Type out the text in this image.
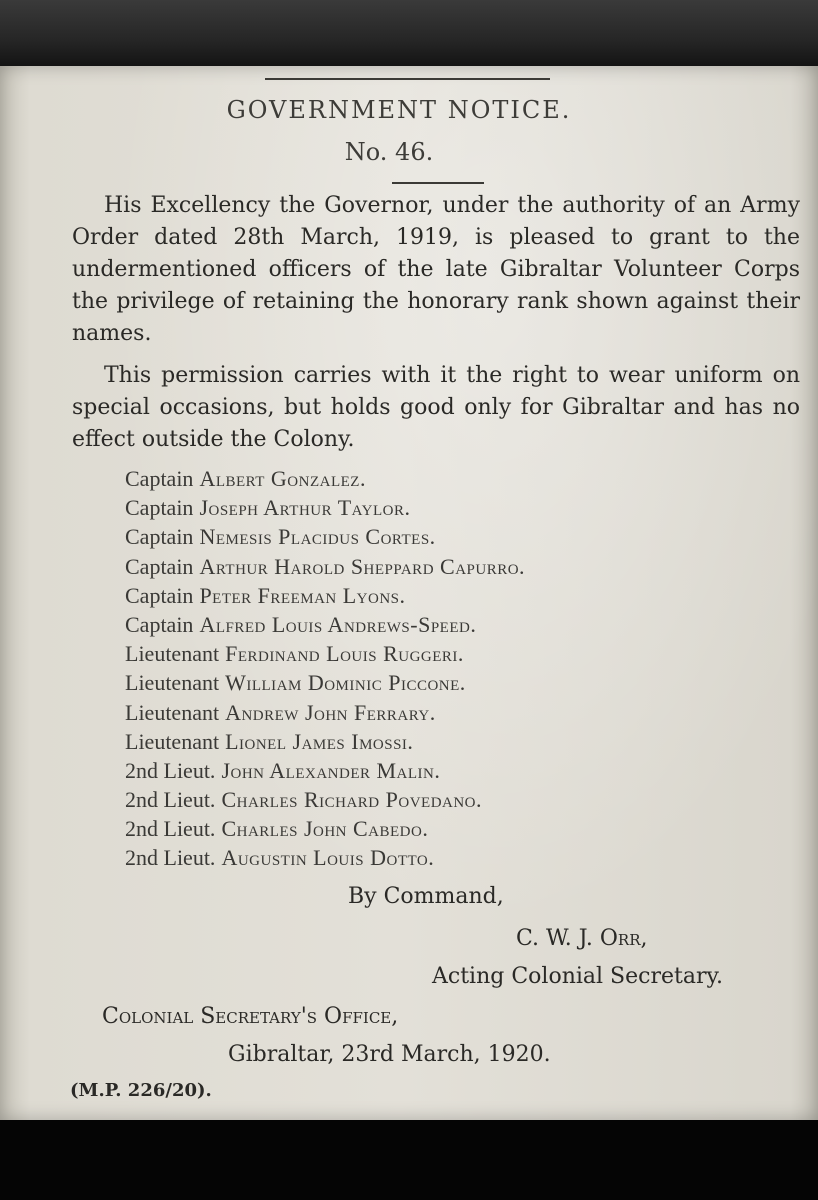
GOVERNMENT NOTICE.
No. 46.

His Excellency the Governor, under the authority of an Army Order dated 28th March, 1919, is pleased to grant to the undermentioned officers of the late Gibraltar Volunteer Corps the privilege of retaining the honorary rank shown against their names.

This permission carries with it the right to wear uniform on special occasions, but holds good only for Gibraltar and has no effect outside the Colony.

Captain Albert Gonzalez.
Captain Joseph Arthur Taylor.
Captain Nemesis Placidus Cortes.
Captain Arthur Harold Sheppard Capurro.
Captain Peter Freeman Lyons.
Captain Alfred Louis Andrews-Speed.
Lieutenant Ferdinand Louis Ruggeri.
Lieutenant William Dominic Piccone.
Lieutenant Andrew John Ferrary.
Lieutenant Lionel James Imossi.
2nd Lieut. John Alexander Malin.
2nd Lieut. Charles Richard Povedano.
2nd Lieut. Charles John Cabedo.
2nd Lieut. Augustin Louis Dotto.
By Command,
C. W. J. Orr,
Acting Colonial Secretary.
Colonial Secretary's Office,
Gibraltar, 23rd March, 1920.
(M.P. 226/20).
